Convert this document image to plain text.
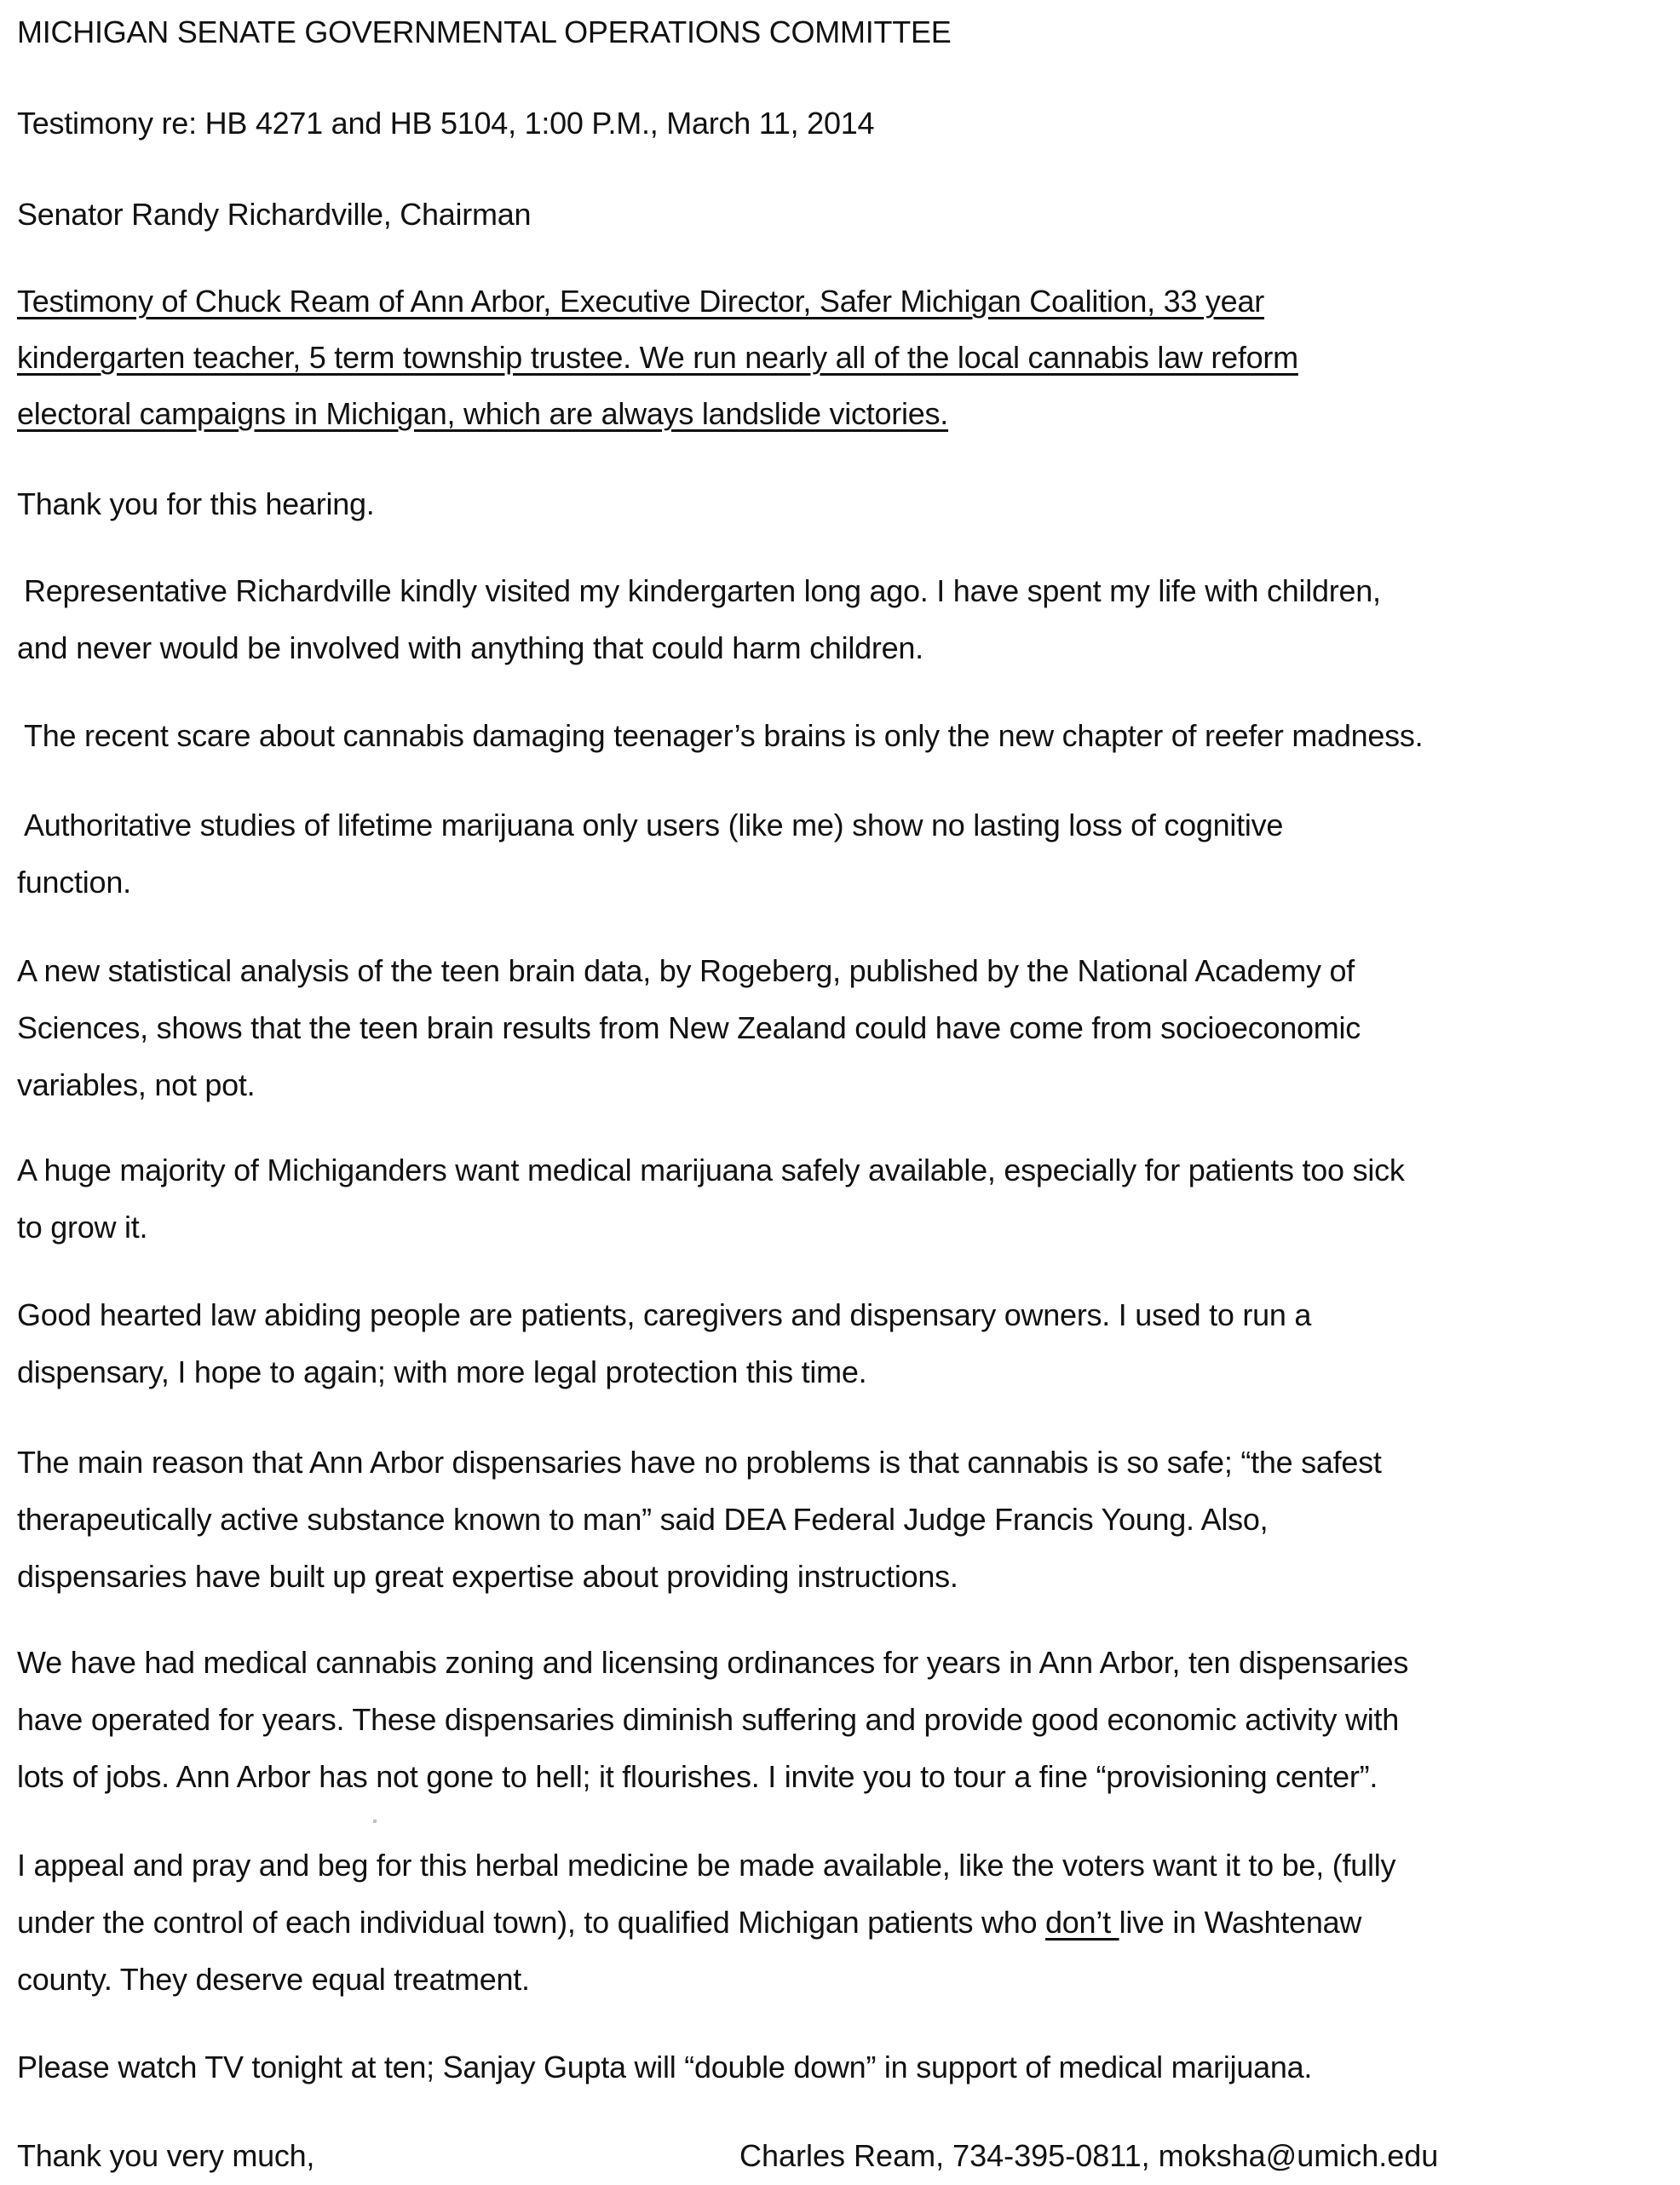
MICHIGAN SENATE GOVERNMENTAL OPERATIONS COMMITTEE

Testimony re: HB 4271 and HB 5104, 1:00 P.M., March 11, 2014

Senator Randy Richardville, Chairman

Testimony of Chuck Ream of Ann Arbor, Executive Director, Safer Michigan Coalition, 33 year

kindergarten teacher, 5 term township trustee. We run nearly all of the local cannabis law reform

electoral campaigns in Michigan, which are always landslide victories.

Thank you for this hearing.

Representative Richardville kindly visited my kindergarten long ago. I have spent my life with children,

and never would be involved with anything that could harm children.

The recent scare about cannabis damaging teenager’s brains is only the new chapter of reefer madness.

Authoritative studies of lifetime marijuana only users (like me) show no lasting loss of cognitive

function.

A new statistical analysis of the teen brain data, by Rogeberg, published by the National Academy of

Sciences, shows that the teen brain results from New Zealand could have come from socioeconomic

variables, not pot.

A huge majority of Michiganders want medical marijuana safely available, especially for patients too sick

to grow it.

Good hearted law abiding people are patients, caregivers and dispensary owners. I used to run a

dispensary, I hope to again; with more legal protection this time.

The main reason that Ann Arbor dispensaries have no problems is that cannabis is so safe; “the safest

therapeutically active substance known to man” said DEA Federal Judge Francis Young. Also,

dispensaries have built up great expertise about providing instructions.

We have had medical cannabis zoning and licensing ordinances for years in Ann Arbor, ten dispensaries

have operated for years. These dispensaries diminish suffering and provide good economic activity with

lots of jobs. Ann Arbor has not gone to hell; it flourishes. I invite you to tour a fine “provisioning center”.

I appeal and pray and beg for this herbal medicine be made available, like the voters want it to be, (fully

under the control of each individual town), to qualified Michigan patients who don’t live in Washtenaw

county. They deserve equal treatment.

Please watch TV tonight at ten; Sanjay Gupta will “double down” in support of medical marijuana.

Thank you very much,	Charles Ream, 734-395-0811, moksha@umich.edu
